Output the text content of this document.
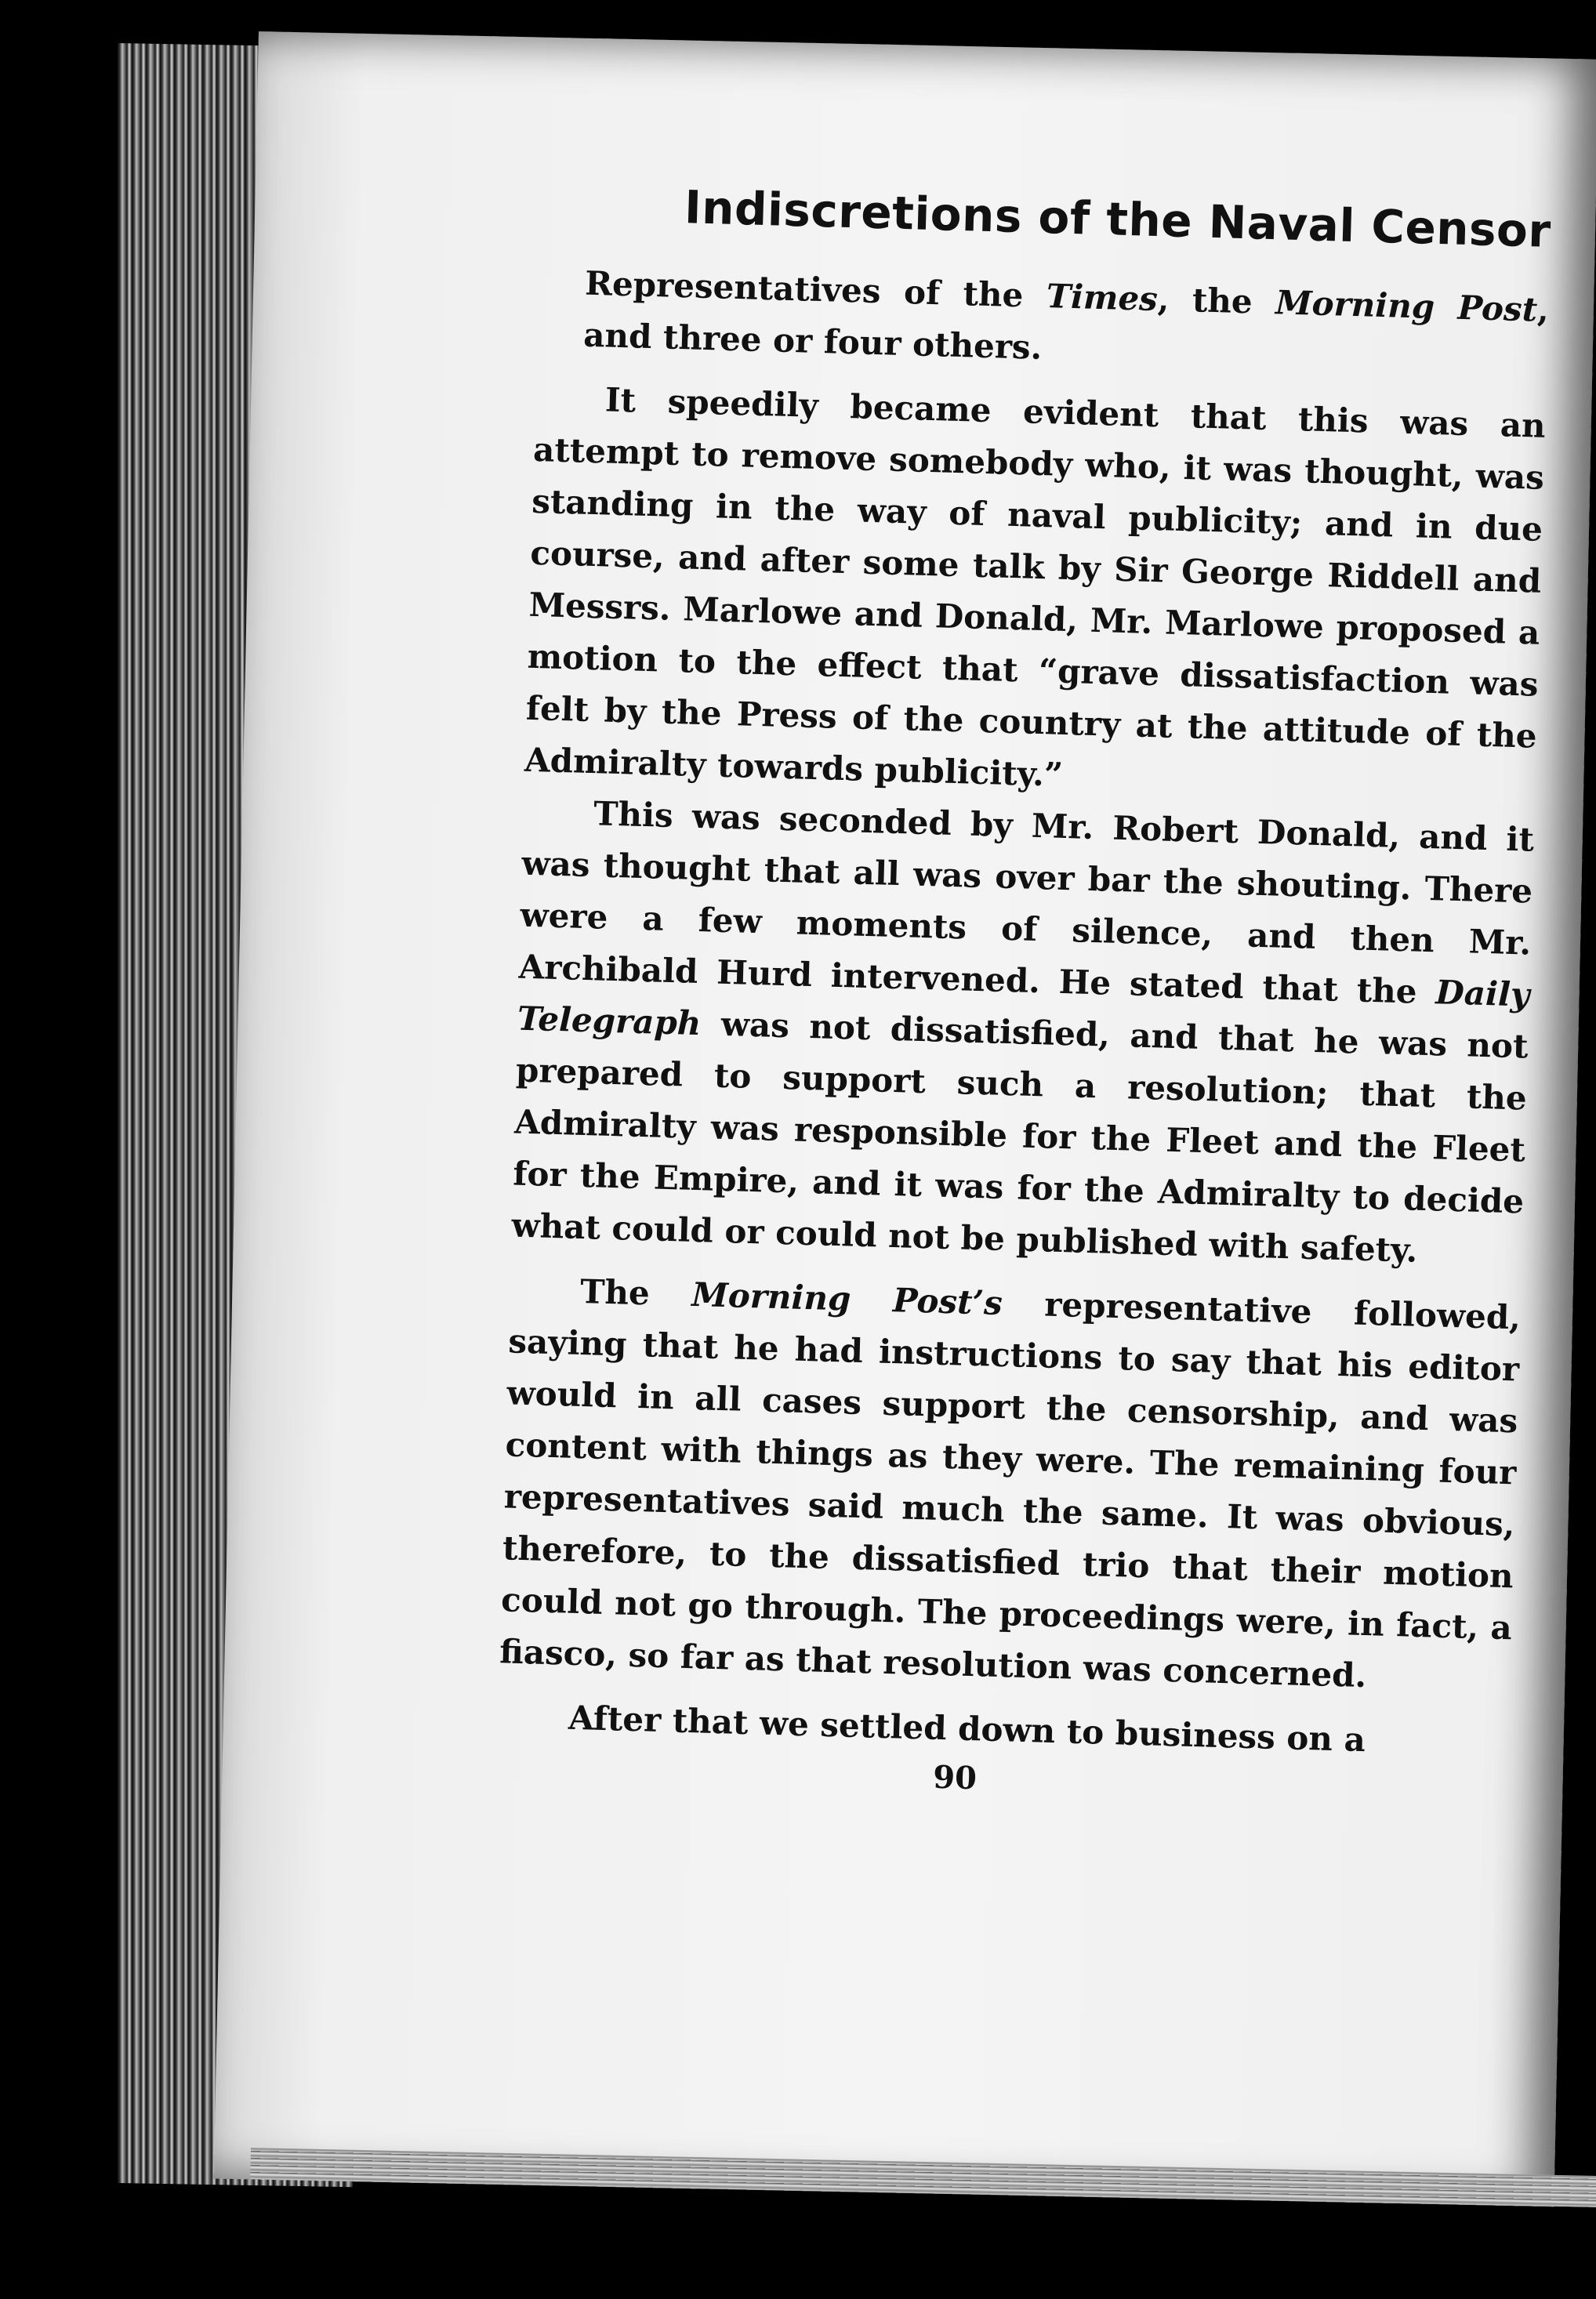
Indiscretions of the Naval Censor

Representatives of the Times, the Morning Post, and three or four others.

It speedily became evident that this was an attempt to remove somebody who, it was thought, was standing in the way of naval publicity; and in due course, and after some talk by Sir George Riddell and Messrs. Marlowe and Donald, Mr. Marlowe proposed a motion to the effect that “grave dissatisfaction was felt by the Press of the country at the attitude of the Admiralty towards publicity.”

This was seconded by Mr. Robert Donald, and it was thought that all was over bar the shouting. There were a few moments of silence, and then Mr. Archibald Hurd intervened. He stated that the Daily Telegraph was not dissatisfied, and that he was not prepared to support such a resolution; that the Admiralty was responsible for the Fleet and the Fleet for the Empire, and it was for the Admiralty to decide what could or could not be published with safety.

The Morning Post’s representative followed, saying that he had instructions to say that his editor would in all cases support the censorship, and was content with things as they were. The remaining four representatives said much the same. It was obvious, therefore, to the dissatisfied trio that their motion could not go through. The proceedings were, in fact, a fiasco, so far as that resolution was concerned.

After that we settled down to business on a

90
